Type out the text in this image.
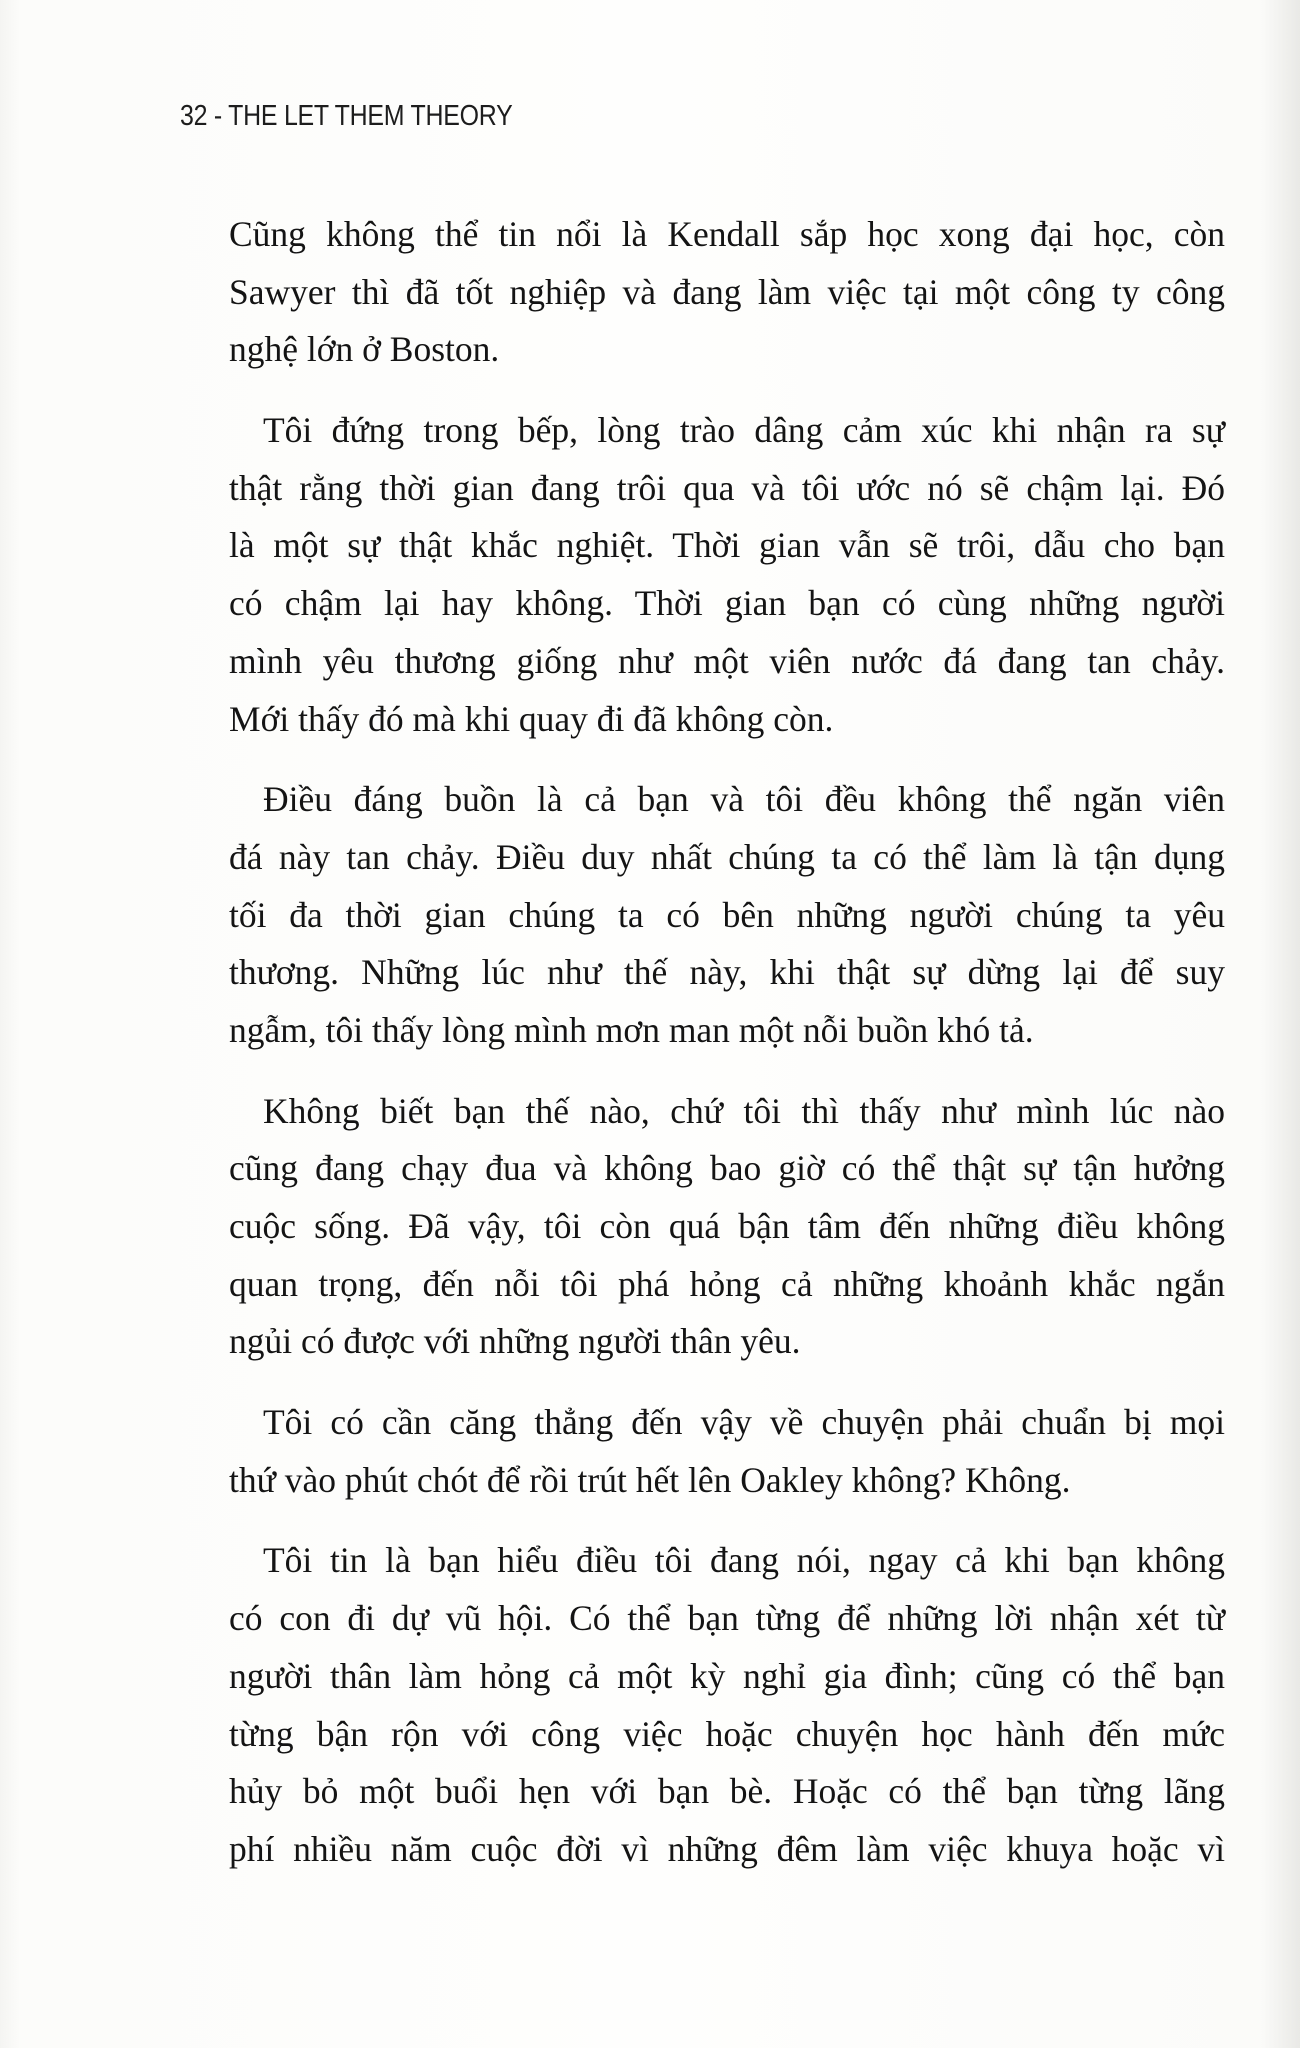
32 - THE LET THEM THEORY
Cũng không thể tin nổi là Kendall sắp học xong đại học, còn
Sawyer thì đã tốt nghiệp và đang làm việc tại một công ty công
nghệ lớn ở Boston.
Tôi đứng trong bếp, lòng trào dâng cảm xúc khi nhận ra sự
thật rằng thời gian đang trôi qua và tôi ước nó sẽ chậm lại. Đó
là một sự thật khắc nghiệt. Thời gian vẫn sẽ trôi, dẫu cho bạn
có chậm lại hay không. Thời gian bạn có cùng những người
mình yêu thương giống như một viên nước đá đang tan chảy.
Mới thấy đó mà khi quay đi đã không còn.
Điều đáng buồn là cả bạn và tôi đều không thể ngăn viên
đá này tan chảy. Điều duy nhất chúng ta có thể làm là tận dụng
tối đa thời gian chúng ta có bên những người chúng ta yêu
thương. Những lúc như thế này, khi thật sự dừng lại để suy
ngẫm, tôi thấy lòng mình mơn man một nỗi buồn khó tả.
Không biết bạn thế nào, chứ tôi thì thấy như mình lúc nào
cũng đang chạy đua và không bao giờ có thể thật sự tận hưởng
cuộc sống. Đã vậy, tôi còn quá bận tâm đến những điều không
quan trọng, đến nỗi tôi phá hỏng cả những khoảnh khắc ngắn
ngủi có được với những người thân yêu.
Tôi có cần căng thẳng đến vậy về chuyện phải chuẩn bị mọi
thứ vào phút chót để rồi trút hết lên Oakley không? Không.
Tôi tin là bạn hiểu điều tôi đang nói, ngay cả khi bạn không
có con đi dự vũ hội. Có thể bạn từng để những lời nhận xét từ
người thân làm hỏng cả một kỳ nghỉ gia đình; cũng có thể bạn
từng bận rộn với công việc hoặc chuyện học hành đến mức
hủy bỏ một buổi hẹn với bạn bè. Hoặc có thể bạn từng lãng
phí nhiều năm cuộc đời vì những đêm làm việc khuya hoặc vì
